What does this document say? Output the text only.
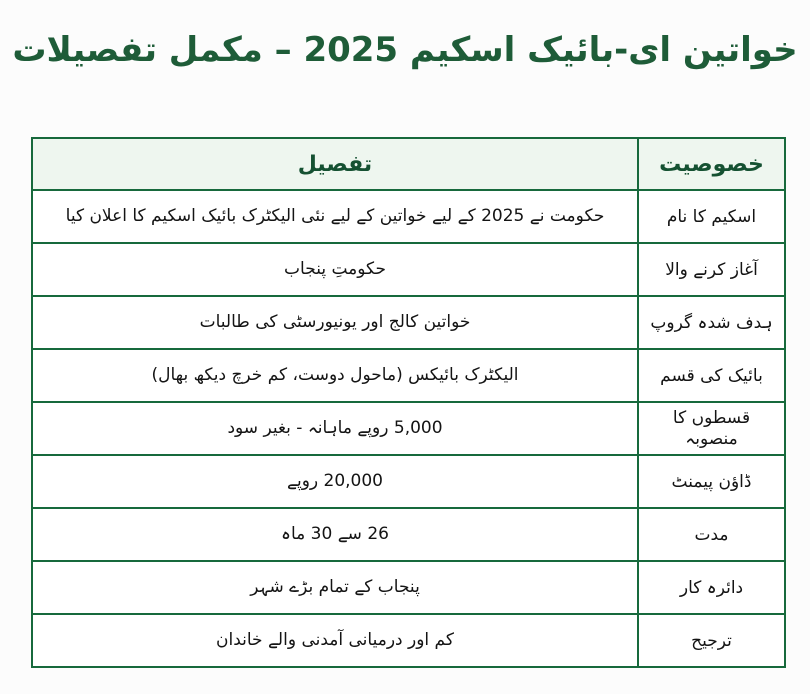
خواتین ای-بائیک اسکیم 2025 – مکمل تفصیلات
خصوصیت	تفصیل
اسکیم کا نام	حکومت نے 2025 کے لیے خواتین کے لیے نئی الیکٹرک بائیک اسکیم کا اعلان کیا
آغاز کرنے والا	حکومتِ پنجاب
ہدف شدہ گروپ	خواتین کالج اور یونیورسٹی کی طالبات
بائیک کی قسم	الیکٹرک بائیکس (ماحول دوست، کم خرچ دیکھ بھال)
قسطوں کا منصوبہ	5,000 روپے ماہانہ - بغیر سود
ڈاؤن پیمنٹ	20,000 روپے
مدت	26 سے 30 ماہ
دائرہ کار	پنجاب کے تمام بڑے شہر
ترجیح	کم اور درمیانی آمدنی والے خاندان
